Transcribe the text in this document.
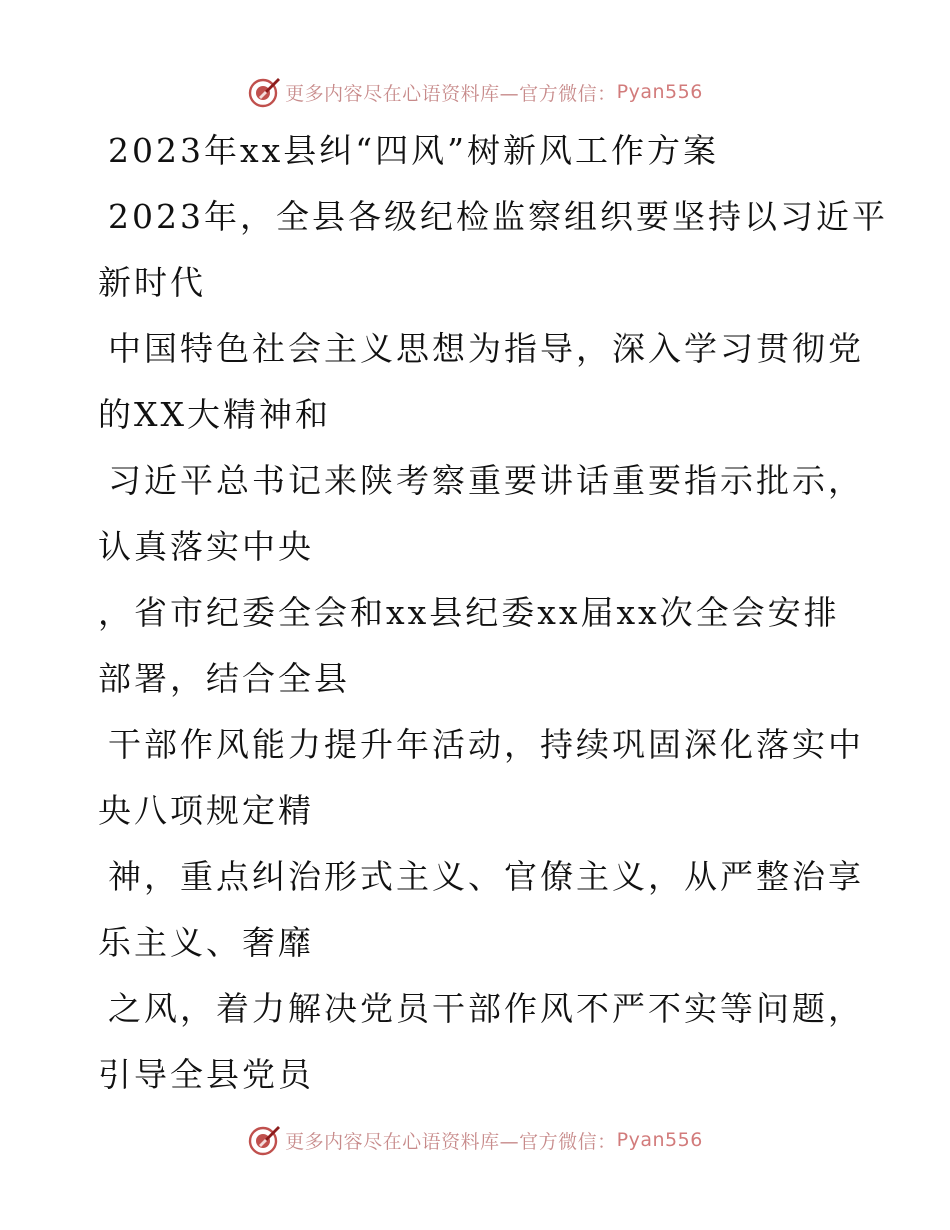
更多内容尽在心语资料库—官方微信： Pyan556

2023年xx县纠“四风”树新风工作方案

2023年，全县各级纪检监察组织要坚持以习近平

新时代

中国特色社会主义思想为指导，深入学习贯彻党

的XX大精神和

习近平总书记来陕考察重要讲话重要指示批示，

认真落实中央

，省市纪委全会和xx县纪委xx届xx次全会安排

部署，结合全县

干部作风能力提升年活动，持续巩固深化落实中

央八项规定精

神，重点纠治形式主义、官僚主义，从严整治享

乐主义、奢靡

之风，着力解决党员干部作风不严不实等问题，

引导全县党员

更多内容尽在心语资料库—官方微信： Pyan556
